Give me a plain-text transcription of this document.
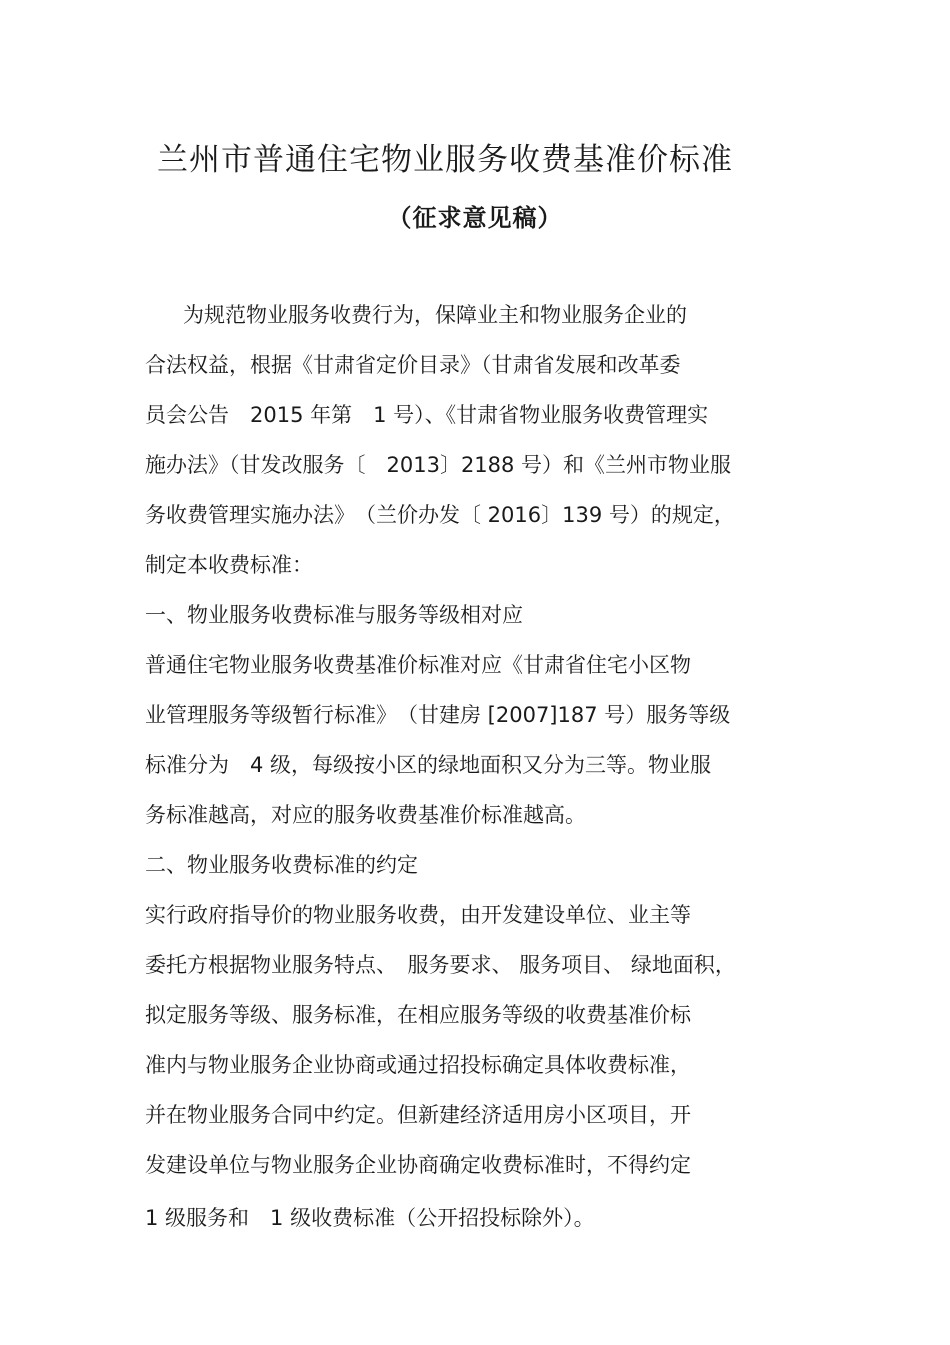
兰州市普通住宅物业服务收费基准价标准
（征求意见稿）

为规范物业服务收费行为，保障业主和物业服务企业的

合法权益，根据《甘肃省定价目录》（甘肃省发展和改革委

员会公告　2015 年第　1 号）、《甘肃省物业服务收费管理实

施办法》（甘发改服务〔　2013〕2188 号）和《兰州市物业服

务收费管理实施办法》　（兰价办发〔 2016〕139 号）的规定，

制定本收费标准：

一、物业服务收费标准与服务等级相对应

普通住宅物业服务收费基准价标准对应《甘肃省住宅小区物

业管理服务等级暂行标准》　（甘建房 [2007]187 号）服务等级

标准分为　4 级，每级按小区的绿地面积又分为三等。物业服

务标准越高，对应的服务收费基准价标准越高。

二、物业服务收费标准的约定

实行政府指导价的物业服务收费，由开发建设单位、业主等

委托方根据物业服务特点、　服务要求、 服务项目、 绿地面积，

拟定服务等级、服务标准，在相应服务等级的收费基准价标

准内与物业服务企业协商或通过招投标确定具体收费标准，

并在物业服务合同中约定。但新建经济适用房小区项目，开

发建设单位与物业服务企业协商确定收费标准时，不得约定

1 级服务和　1 级收费标准（公开招投标除外）。
